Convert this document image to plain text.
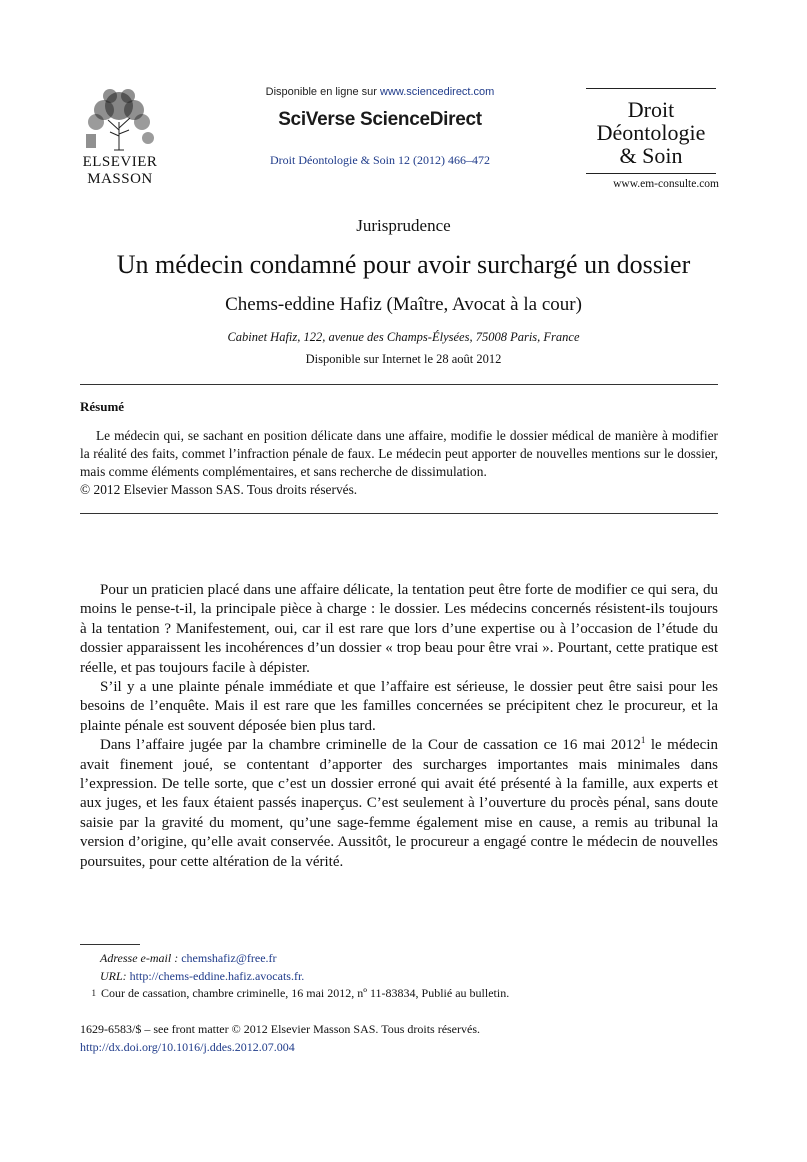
ELSEVIER
MASSON
Disponible en ligne sur www.sciencedirect.com
SciVerse ScienceDirect
Droit Déontologie & Soin 12 (2012) 466–472
Droit
Déontologie
& Soin
www.em-consulte.com
Jurisprudence
Un médecin condamné pour avoir surchargé un dossier
Chems-eddine Hafiz (Maître, Avocat à la cour)
Cabinet Hafiz, 122, avenue des Champs-Élysées, 75008 Paris, France
Disponible sur Internet le 28 août 2012
Résumé

Le médecin qui, se sachant en position délicate dans une affaire, modifie le dossier médical de manière à modifier la réalité des faits, commet l’infraction pénale de faux. Le médecin peut apporter de nouvelles mentions sur le dossier, mais comme éléments complémentaires, et sans recherche de dissimulation.

© 2012 Elsevier Masson SAS. Tous droits réservés.

Pour un praticien placé dans une affaire délicate, la tentation peut être forte de modifier ce qui sera, du moins le pense-t-il, la principale pièce à charge : le dossier. Les médecins concernés résistent-ils toujours à la tentation ? Manifestement, oui, car il est rare que lors d’une expertise ou à l’occasion de l’étude du dossier apparaissent les incohérences d’un dossier « trop beau pour être vrai ». Pourtant, cette pratique est réelle, et pas toujours facile à dépister.

S’il y a une plainte pénale immédiate et que l’affaire est sérieuse, le dossier peut être saisi pour les besoins de l’enquête. Mais il est rare que les familles concernées se précipitent chez le procureur, et la plainte pénale est souvent déposée bien plus tard.

Dans l’affaire jugée par la chambre criminelle de la Cour de cassation ce 16 mai 2012$^1$ le médecin avait finement joué, se contentant d’apporter des surcharges importantes mais minimales dans l’expression. De telle sorte, que c’est un dossier erroné qui avait été présenté à la famille, aux experts et aux juges, et les faux étaient passés inaperçus. C’est seulement à l’ouverture du procès pénal, sans doute saisie par la gravité du moment, qu’une sage-femme également mise en cause, a remis au tribunal la version d’origine, qu’elle avait conservée. Aussitôt, le procureur a engagé contre le médecin de nouvelles poursuites, pour cette altération de la vérité.

Adresse e-mail : chemshafiz@free.fr
URL: http://chems-eddine.hafiz.avocats.fr.
1 Cour de cassation, chambre criminelle, 16 mai 2012, nº 11-83834, Publié au bulletin.
1629-6583/$ – see front matter © 2012 Elsevier Masson SAS. Tous droits réservés.
http://dx.doi.org/10.1016/j.ddes.2012.07.004
